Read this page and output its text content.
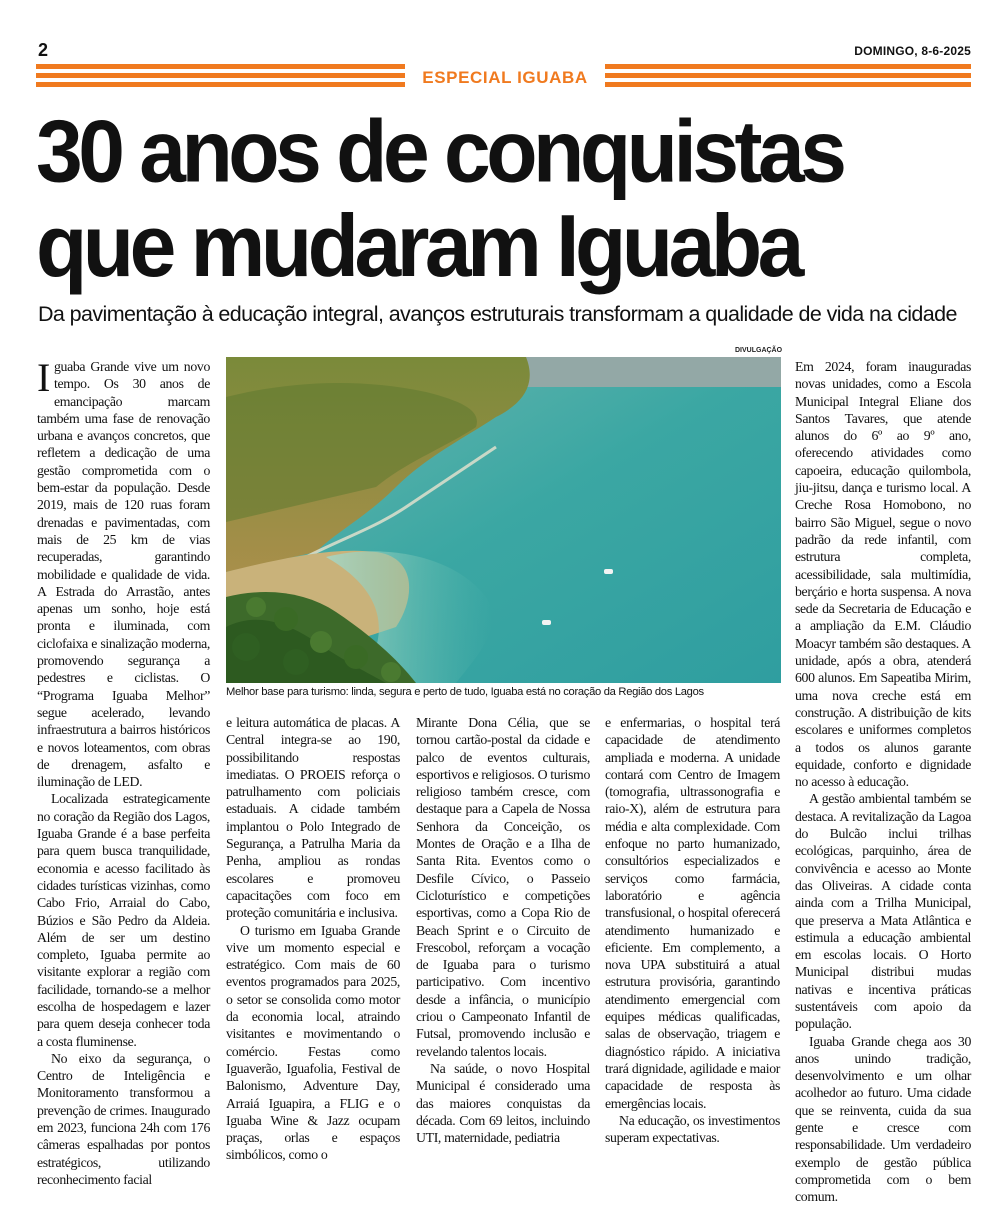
2	DOMINGO, 8-6-2025
ESPECIAL IGUABA
30 anos de conquistas
que mudaram Iguaba
Da pavimentação à educação integral, avanços estruturais transformam a qualidade de vida na cidade

Iguaba Grande vive um novo tempo. Os 30 anos de emancipação marcam também uma fase de renovação urbana e avanços concretos, que refletem a dedicação de uma gestão comprometida com o bem-estar da população. Desde 2019, mais de 120 ruas foram drenadas e pavimentadas, com mais de 25 km de vias recuperadas, garantindo mobilidade e qualidade de vida. A Estrada do Arrastão, antes apenas um sonho, hoje está pronta e iluminada, com ciclofaixa e sinalização moderna, promovendo segurança a pedestres e ciclistas. O “Programa Iguaba Melhor” segue acelerado, levando infraestrutura a bairros históricos e novos loteamentos, com obras de drenagem, asfalto e iluminação de LED.

Localizada estrategicamente no coração da Região dos Lagos, Iguaba Grande é a base perfeita para quem busca tranquilidade, economia e acesso facilitado às cidades turísticas vizinhas, como Cabo Frio, Arraial do Cabo, Búzios e São Pedro da Aldeia. Além de ser um destino completo, Iguaba permite ao visitante explorar a região com facilidade, tornando-se a melhor escolha de hospedagem e lazer para quem deseja conhecer toda a costa fluminense.

No eixo da segurança, o Centro de Inteligência e Monitoramento transformou a prevenção de crimes. Inaugurado em 2023, funciona 24h com 176 câmeras espalhadas por pontos estratégicos, utilizando reconhecimento facial

DIVULGAÇÃO
Melhor base para turismo: linda, segura e perto de tudo, Iguaba está no coração da Região dos Lagos

e leitura automática de placas. A Central integra-se ao 190, possibilitando respostas imediatas. O PROEIS reforça o patrulhamento com policiais estaduais. A cidade também implantou o Polo Integrado de Segurança, a Patrulha Maria da Penha, ampliou as rondas escolares e promoveu capacitações com foco em proteção comunitária e inclusiva.

O turismo em Iguaba Grande vive um momento especial e estratégico. Com mais de 60 eventos programados para 2025, o setor se consolida como motor da economia local, atraindo visitantes e movimentando o comércio. Festas como Iguaverão, Iguafolia, Festival de Balonismo, Adventure Day, Arraiá Iguapira, a FLIG e o Iguaba Wine & Jazz ocupam praças, orlas e espaços simbólicos, como o

Mirante Dona Célia, que se tornou cartão-postal da cidade e palco de eventos culturais, esportivos e religiosos. O turismo religioso também cresce, com destaque para a Capela de Nossa Senhora da Conceição, os Montes de Oração e a Ilha de Santa Rita. Eventos como o Desfile Cívico, o Passeio Cicloturístico e competições esportivas, como a Copa Rio de Beach Sprint e o Circuito de Frescobol, reforçam a vocação de Iguaba para o turismo participativo. Com incentivo desde a infância, o município criou o Campeonato Infantil de Futsal, promovendo inclusão e revelando talentos locais.

Na saúde, o novo Hospital Municipal é considerado uma das maiores conquistas da década. Com 69 leitos, incluindo UTI, maternidade, pediatria

e enfermarias, o hospital terá capacidade de atendimento ampliada e moderna. A unidade contará com Centro de Imagem (tomografia, ultrassonografia e raio-X), além de estrutura para média e alta complexidade. Com enfoque no parto humanizado, consultórios especializados e serviços como farmácia, laboratório e agência transfusional, o hospital oferecerá atendimento humanizado e eficiente. Em complemento, a nova UPA substituirá a atual estrutura provisória, garantindo atendimento emergencial com equipes médicas qualificadas, salas de observação, triagem e diagnóstico rápido. A iniciativa trará dignidade, agilidade e maior capacidade de resposta às emergências locais.

Na educação, os investimentos superam expectativas.

Em 2024, foram inauguradas novas unidades, como a Escola Municipal Integral Eliane dos Santos Tavares, que atende alunos do 6º ao 9º ano, oferecendo atividades como capoeira, educação quilombola, jiu-jitsu, dança e turismo local. A Creche Rosa Homobono, no bairro São Miguel, segue o novo padrão da rede infantil, com estrutura completa, acessibilidade, sala multimídia, berçário e horta suspensa. A nova sede da Secretaria de Educação e a ampliação da E.M. Cláudio Moacyr também são destaques. A unidade, após a obra, atenderá 600 alunos. Em Sapeatiba Mirim, uma nova creche está em construção. A distribuição de kits escolares e uniformes completos a todos os alunos garante equidade, conforto e dignidade no acesso à educação.

A gestão ambiental também se destaca. A revitalização da Lagoa do Bulcão inclui trilhas ecológicas, parquinho, área de convivência e acesso ao Monte das Oliveiras. A cidade conta ainda com a Trilha Municipal, que preserva a Mata Atlântica e estimula a educação ambiental em escolas locais. O Horto Municipal distribui mudas nativas e incentiva práticas sustentáveis com apoio da população.

Iguaba Grande chega aos 30 anos unindo tradição, desenvolvimento e um olhar acolhedor ao futuro. Uma cidade que se reinventa, cuida da sua gente e cresce com responsabilidade. Um verdadeiro exemplo de gestão pública comprometida com o bem comum.
